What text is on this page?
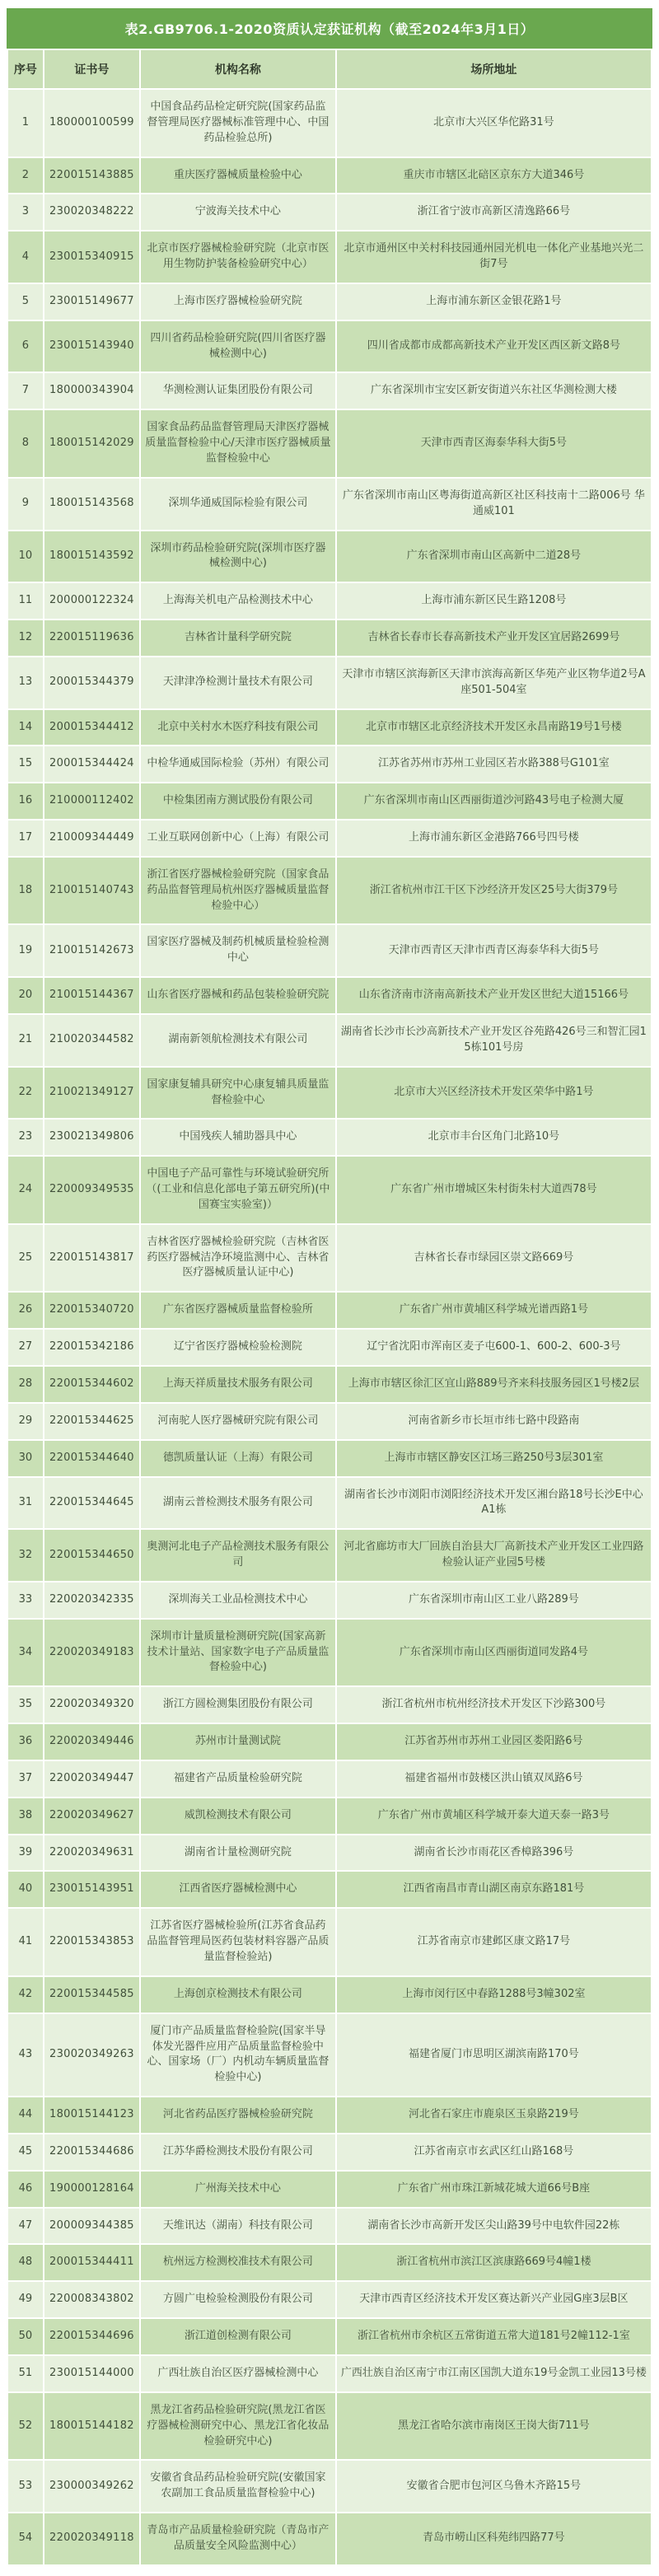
表2.GB9706.1-2020资质认定获证机构（截至2024年3月1日）
序号	证书号	机构名称	场所地址
1	180000100599	中国食品药品检定研究院(国家药品监督管理局医疗器械标准管理中心、中国药品检验总所)	北京市大兴区华佗路31号
2	220015143885	重庆医疗器械质量检验中心	重庆市市辖区北碚区京东方大道346号
3	230020348222	宁波海关技术中心	浙江省宁波市高新区清逸路66号
4	230015340915	北京市医疗器械检验研究院（北京市医用生物防护装备检验研究中心）	北京市通州区中关村科技园通州园光机电一体化产业基地兴光二街7号
5	230015149677	上海市医疗器械检验研究院	上海市浦东新区金银花路1号
6	230015143940	四川省药品检验研究院(四川省医疗器械检测中心)	四川省成都市成都高新技术产业开发区西区新文路8号
7	180000343904	华测检测认证集团股份有限公司	广东省深圳市宝安区新安街道兴东社区华测检测大楼
8	180015142029	国家食品药品监督管理局天津医疗器械质量监督检验中心/天津市医疗器械质量监督检验中心	天津市西青区海泰华科大街5号
9	180015143568	深圳华通威国际检验有限公司	广东省深圳市南山区粤海街道高新区社区科技南十二路006号 华通威101
10	180015143592	深圳市药品检验研究院(深圳市医疗器械检测中心)	广东省深圳市南山区高新中二道28号
11	200000122324	上海海关机电产品检测技术中心	上海市浦东新区民生路1208号
12	220015119636	吉林省计量科学研究院	吉林省长春市长春高新技术产业开发区宜居路2699号
13	200015344379	天津津净检测计量技术有限公司	天津市市辖区滨海新区天津市滨海高新区华苑产业区物华道2号A座501-504室
14	200015344412	北京中关村水木医疗科技有限公司	北京市市辖区北京经济技术开发区永昌南路19号1号楼
15	200015344424	中检华通威国际检验（苏州）有限公司	江苏省苏州市苏州工业园区若水路388号G101室
16	210000112402	中检集团南方测试股份有限公司	广东省深圳市南山区西丽街道沙河路43号电子检测大厦
17	210009344449	工业互联网创新中心（上海）有限公司	上海市浦东新区金港路766号四号楼
18	210015140743	浙江省医疗器械检验研究院（国家食品药品监督管理局杭州医疗器械质量监督检验中心）	浙江省杭州市江干区下沙经济开发区25号大街379号
19	210015142673	国家医疗器械及制药机械质量检验检测中心	天津市西青区天津市西青区海泰华科大街5号
20	210015144367	山东省医疗器械和药品包装检验研究院	山东省济南市济南高新技术产业开发区世纪大道15166号
21	210020344582	湖南新领航检测技术有限公司	湖南省长沙市长沙高新技术产业开发区谷苑路426号三和智汇园15栋101号房
22	210021349127	国家康复辅具研究中心康复辅具质量监督检验中心	北京市大兴区经济技术开发区荣华中路1号
23	230021349806	中国残疾人辅助器具中心	北京市丰台区角门北路10号
24	220009349535	中国电子产品可靠性与环境试验研究所（(工业和信息化部电子第五研究所)(中国赛宝实验室)）	广东省广州市增城区朱村街朱村大道西78号
25	220015143817	吉林省医疗器械检验研究院（吉林省医药医疗器械洁净环境监测中心、吉林省医疗器械质量认证中心)	吉林省长春市绿园区崇文路669号
26	220015340720	广东省医疗器械质量监督检验所	广东省广州市黄埔区科学城光谱西路1号
27	220015342186	辽宁省医疗器械检验检测院	辽宁省沈阳市浑南区麦子屯600-1、600-2、600-3号
28	220015344602	上海天祥质量技术服务有限公司	上海市市辖区徐汇区宜山路889号齐来科技服务园区1号楼2层
29	220015344625	河南驼人医疗器械研究院有限公司	河南省新乡市长垣市纬七路中段路南
30	220015344640	德凯质量认证（上海）有限公司	上海市市辖区静安区江场三路250号3层301室
31	220015344645	湖南云普检测技术服务有限公司	湖南省长沙市浏阳市浏阳经济技术开发区湘台路18号长沙E中心A1栋
32	220015344650	奥测河北电子产品检测技术服务有限公司	河北省廊坊市大厂回族自治县大厂高新技术产业开发区工业四路检验认证产业园5号楼
33	220020342335	深圳海关工业品检测技术中心	广东省深圳市南山区工业八路289号
34	220020349183	深圳市计量质量检测研究院(国家高新技术计量站、国家数字电子产品质量监督检验中心)	广东省深圳市南山区西丽街道同发路4号
35	220020349320	浙江方圆检测集团股份有限公司	浙江省杭州市杭州经济技术开发区下沙路300号
36	220020349446	苏州市计量测试院	江苏省苏州市苏州工业园区娄阳路6号
37	220020349447	福建省产品质量检验研究院	福建省福州市鼓楼区洪山镇双凤路6号
38	220020349627	威凯检测技术有限公司	广东省广州市黄埔区科学城开泰大道天泰一路3号
39	220020349631	湖南省计量检测研究院	湖南省长沙市雨花区香樟路396号
40	230015143951	江西省医疗器械检测中心	江西省南昌市青山湖区南京东路181号
41	220015343853	江苏省医疗器械检验所(江苏省食品药品监督管理局医药包装材料容器产品质量监督检验站)	江苏省南京市建邺区康文路17号
42	220015344585	上海创京检测技术有限公司	上海市闵行区中春路1288号3幢302室
43	230020349263	厦门市产品质量监督检验院(国家半导体发光器件应用产品质量监督检验中心、国家场（厂）内机动车辆质量监督检验中心)	福建省厦门市思明区湖滨南路170号
44	180015144123	河北省药品医疗器械检验研究院	河北省石家庄市鹿泉区玉泉路219号
45	220015344686	江苏华爵检测技术股份有限公司	江苏省南京市玄武区红山路168号
46	190000128164	广州海关技术中心	广东省广州市珠江新城花城大道66号B座
47	200009344385	天维讯达（湖南）科技有限公司	湖南省长沙市高新开发区尖山路39号中电软件园22栋
48	200015344411	杭州远方检测校准技术有限公司	浙江省杭州市滨江区滨康路669号4幢1楼
49	220008343802	方圆广电检验检测股份有限公司	天津市西青区经济技术开发区赛达新兴产业园G座3层B区
50	220015344696	浙江道创检测有限公司	浙江省杭州市余杭区五常街道五常大道181号2幢112-1室
51	230015144000	广西壮族自治区医疗器械检测中心	广西壮族自治区南宁市江南区国凯大道东19号金凯工业园13号楼
52	180015144182	黑龙江省药品检验研究院(黑龙江省医疗器械检测研究中心、黑龙江省化妆品检验研究中心)	黑龙江省哈尔滨市南岗区王岗大街711号
53	230000349262	安徽省食品药品检验研究院(安徽国家农副加工食品质量监督检验中心)	安徽省合肥市包河区乌鲁木齐路15号
54	220020349118	青岛市产品质量检验研究院（青岛市产品质量安全风险监测中心）	青岛市崂山区科苑纬四路77号
